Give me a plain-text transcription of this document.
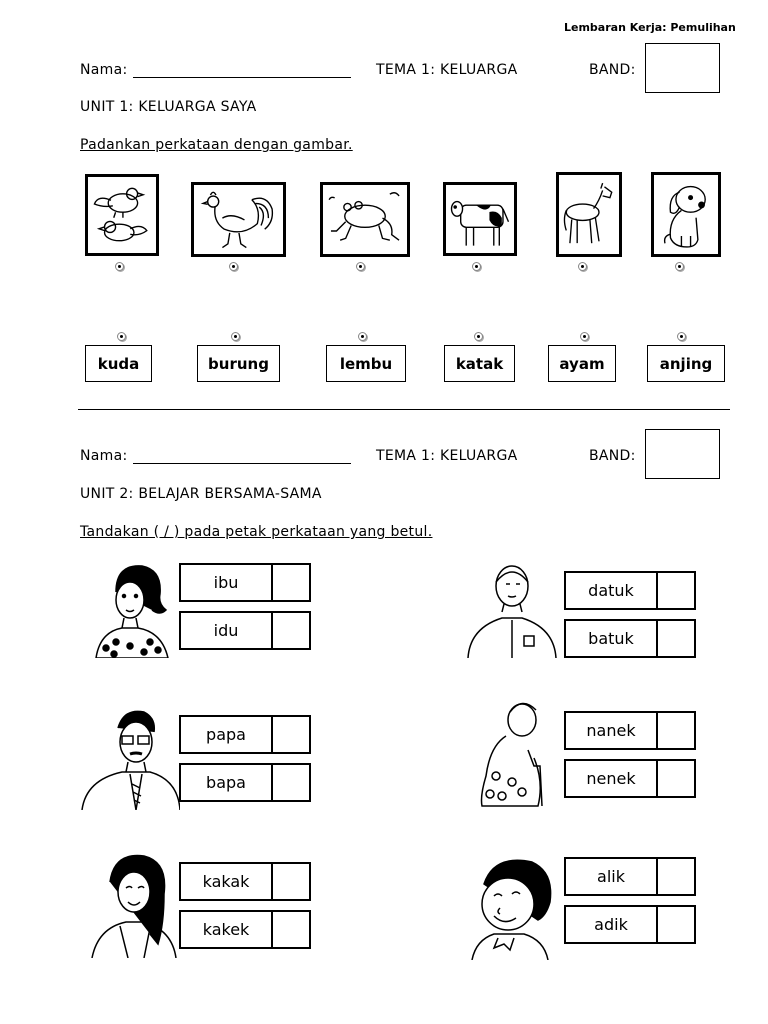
Lembaran Kerja: Pemulihan
Nama:	TEMA 1: KELUARGA	BAND:
UNIT 1: KELUARGA SAYA
Padankan perkataan dengan gambar.
kuda	burung	lembu	katak	ayam	anjing
Nama:	TEMA 1: KELUARGA	BAND:
UNIT 2: BELAJAR BERSAMA-SAMA
Tandakan ( / ) pada petak perkataan yang betul.
ibu
idu
datuk
batuk
papa
bapa
nanek
nenek
kakak
kakek
alik
adik
